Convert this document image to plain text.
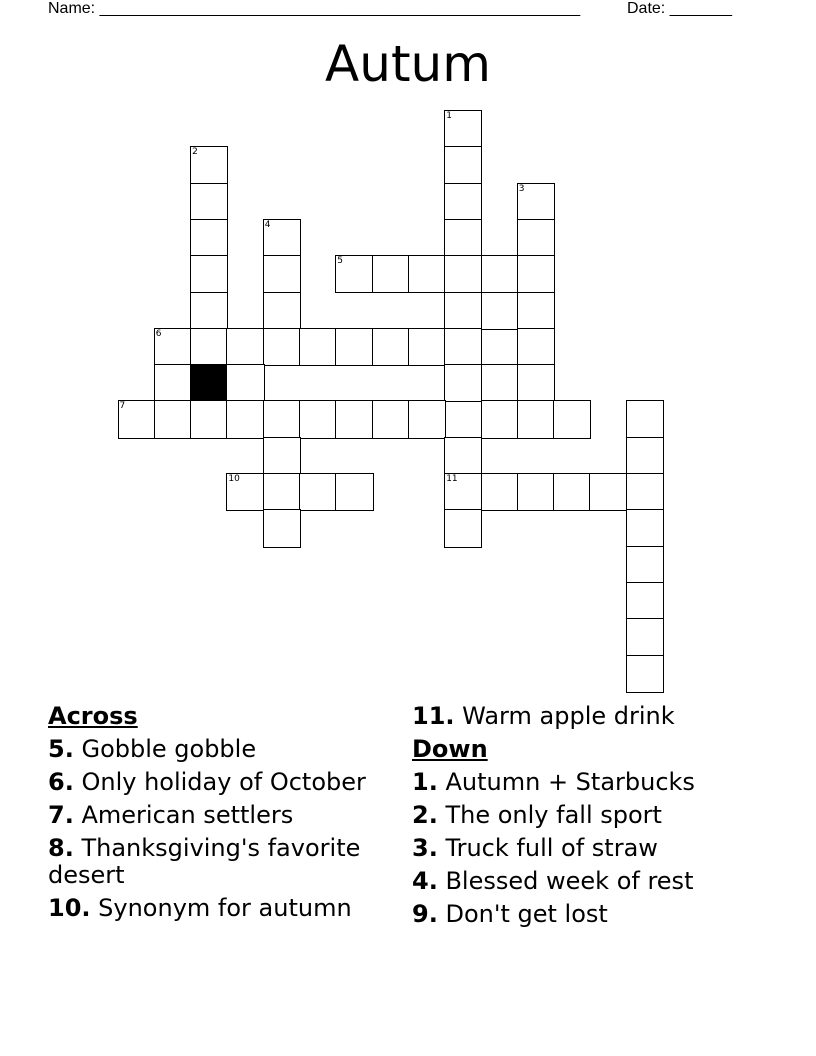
Name: ______________________________________________________	Date: _______
Autum
1
2
3
4
5
6
7
10	11
Across
5. Gobble gobble
6. Only holiday of October
7. American settlers
8. Thanksgiving's favorite desert
10. Synonym for autumn
11. Warm apple drink
Down
1. Autumn + Starbucks
2. The only fall sport
3. Truck full of straw
4. Blessed week of rest
9. Don't get lost
